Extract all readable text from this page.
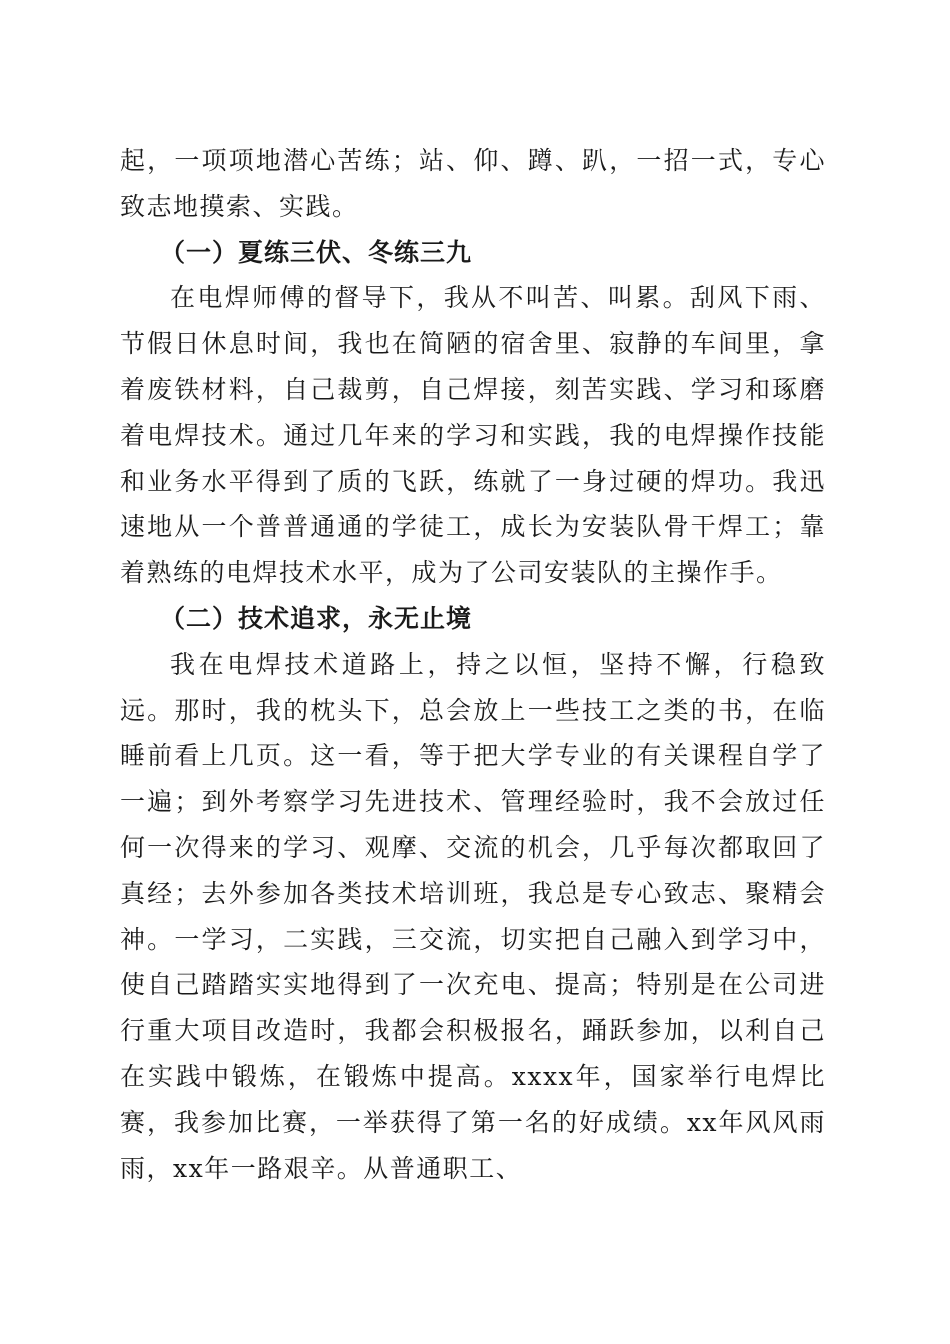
起，一项项地潜心苦练；站、仰、蹲、趴，一招一式，专心致志地摸索、实践。

（一）夏练三伏、冬练三九

在电焊师傅的督导下，我从不叫苦、叫累。刮风下雨、节假日休息时间，我也在简陋的宿舍里、寂静的车间里，拿着废铁材料，自己裁剪，自己焊接，刻苦实践、学习和琢磨着电焊技术。通过几年来的学习和实践，我的电焊操作技能和业务水平得到了质的飞跃，练就了一身过硬的焊功。我迅速地从一个普普通通的学徒工，成长为安装队骨干焊工；靠着熟练的电焊技术水平，成为了公司安装队的主操作手。

（二）技术追求，永无止境

我在电焊技术道路上，持之以恒，坚持不懈，行稳致远。那时，我的枕头下，总会放上一些技工之类的书，在临睡前看上几页。这一看，等于把大学专业的有关课程自学了一遍；到外考察学习先进技术、管理经验时，我不会放过任何一次得来的学习、观摩、交流的机会，几乎每次都取回了真经；去外参加各类技术培训班，我总是专心致志、聚精会神。一学习，二实践，三交流，切实把自己融入到学习中，使自己踏踏实实地得到了一次充电、提高；特别是在公司进行重大项目改造时，我都会积极报名，踊跃参加，以利自己在实践中锻炼，在锻炼中提高。xxxx年，国家举行电焊比赛，我参加比赛，一举获得了第一名的好成绩。xx年风风雨雨，xx年一路艰辛。从普通职工、
